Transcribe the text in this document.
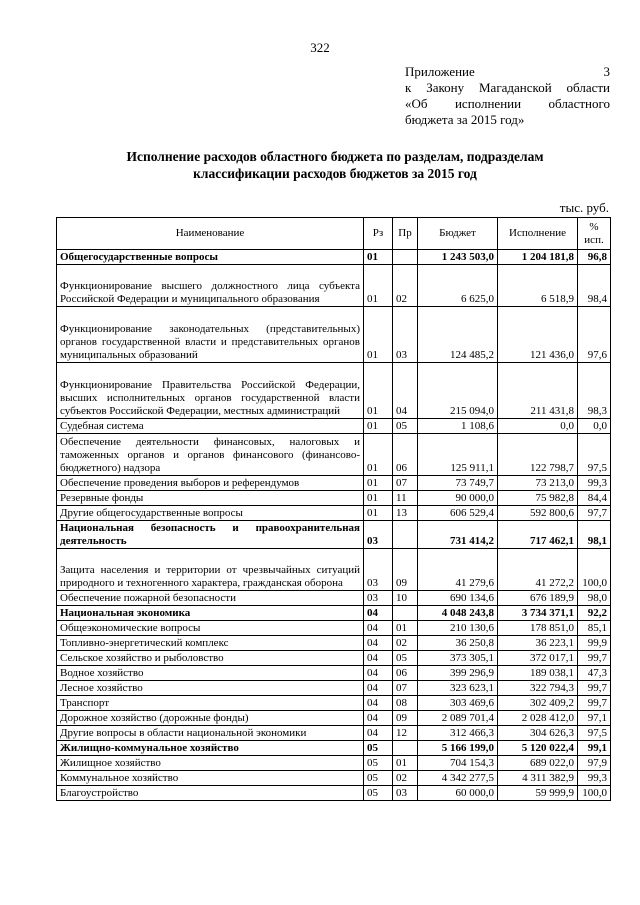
322
Приложение 3
к Закону Магаданской области
«Об исполнении областного
бюджета за 2015 год»
Исполнение расходов областного бюджета по разделам, подразделам
классификации расходов бюджетов за 2015 год
тыс. руб.
Наименование	Рз	Пр	Бюджет	Исполнение	%
исп.

Общегосударственные вопросы	01		1 243 503,0	1 204 181,8	96,8
Функционирование высшего должностного лица субъекта Российской Федерации и муниципального образования	01	02	6 625,0	6 518,9	98,4
Функционирование законодательных (представительных) органов государственной власти и представительных органов муниципальных образований	01	03	124 485,2	121 436,0	97,6
Функционирование Правительства Российской Федерации, высших исполнительных органов государственной власти субъектов Российской Федерации, местных администраций	01	04	215 094,0	211 431,8	98,3
Судебная система	01	05	1 108,6	0,0	0,0
Обеспечение деятельности финансовых, налоговых и таможенных органов и органов финансового (финансово-бюджетного) надзора	01	06	125 911,1	122 798,7	97,5
Обеспечение проведения выборов и референдумов	01	07	73 749,7	73 213,0	99,3
Резервные фонды	01	11	90 000,0	75 982,8	84,4
Другие общегосударственные вопросы	01	13	606 529,4	592 800,6	97,7
Национальная безопасность и правоохранительная деятельность	03		731 414,2	717 462,1	98,1
Защита населения и территории от чрезвычайных ситуаций природного и техногенного характера, гражданская оборона	03	09	41 279,6	41 272,2	100,0
Обеспечение пожарной безопасности	03	10	690 134,6	676 189,9	98,0
Национальная экономика	04		4 048 243,8	3 734 371,1	92,2
Общеэкономические вопросы	04	01	210 130,6	178 851,0	85,1
Топливно-энергетический комплекс	04	02	36 250,8	36 223,1	99,9
Сельское хозяйство и рыболовство	04	05	373 305,1	372 017,1	99,7
Водное хозяйство	04	06	399 296,9	189 038,1	47,3
Лесное хозяйство	04	07	323 623,1	322 794,3	99,7
Транспорт	04	08	303 469,6	302 409,2	99,7
Дорожное хозяйство (дорожные фонды)	04	09	2 089 701,4	2 028 412,0	97,1
Другие вопросы в области национальной экономики	04	12	312 466,3	304 626,3	97,5
Жилищно-коммунальное хозяйство	05		5 166 199,0	5 120 022,4	99,1
Жилищное хозяйство	05	01	704 154,3	689 022,0	97,9
Коммунальное хозяйство	05	02	4 342 277,5	4 311 382,9	99,3
Благоустройство	05	03	60 000,0	59 999,9	100,0
